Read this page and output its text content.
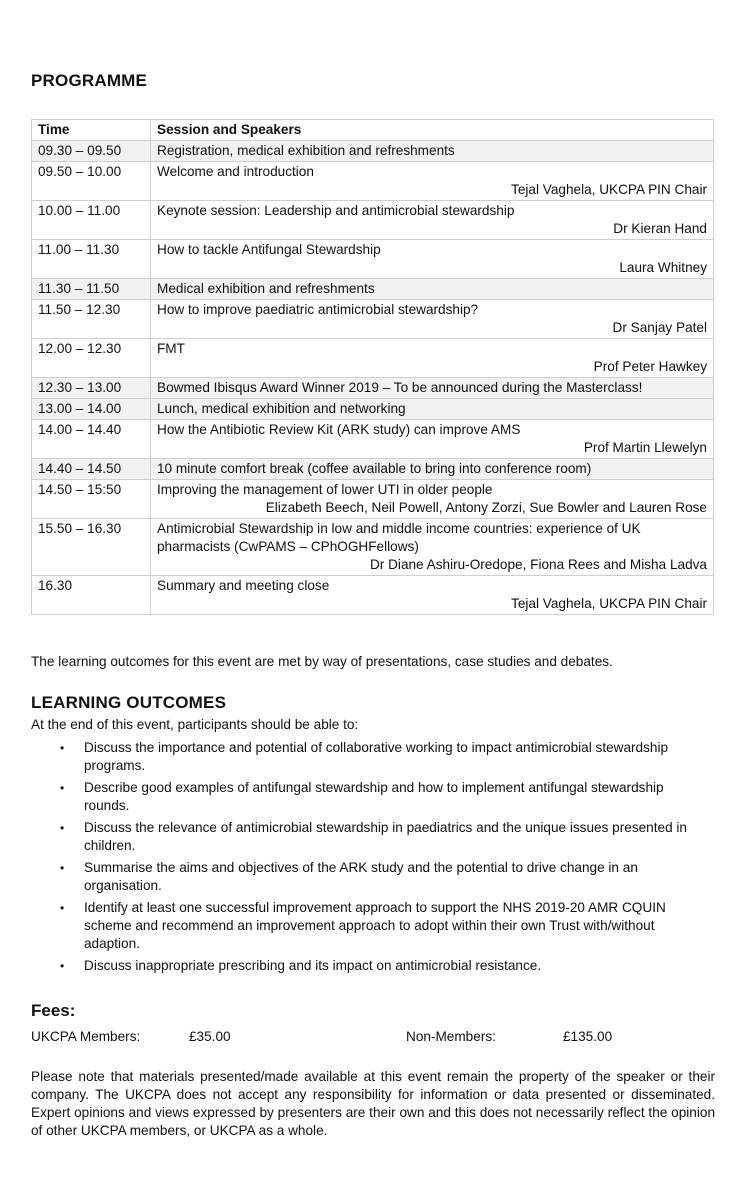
PROGRAMME
Time	Session and Speakers
09.30 – 09.50	Registration, medical exhibition and refreshments

09.50 – 10.00	Welcome and introduction
Tejal Vaghela, UKCPA PIN Chair

10.00 – 11.00	Keynote session: Leadership and antimicrobial stewardship
Dr Kieran Hand

11.00 – 11.30	How to tackle Antifungal Stewardship
Laura Whitney

11.30 – 11.50	Medical exhibition and refreshments

11.50 – 12.30	How to improve paediatric antimicrobial stewardship?
Dr Sanjay Patel

12.00 – 12.30	FMT
Prof Peter Hawkey

12.30 – 13.00	Bowmed Ibisqus Award Winner 2019 – To be announced during the Masterclass!

13.00 – 14.00	Lunch, medical exhibition and networking

14.00 – 14.40	How the Antibiotic Review Kit (ARK study) can improve AMS
Prof Martin Llewelyn

14.40 – 14.50	10 minute comfort break (coffee available to bring into conference room)

14.50 – 15:50	Improving the management of lower UTI in older people
Elizabeth Beech, Neil Powell, Antony Zorzi, Sue Bowler and Lauren Rose

15.50 – 16.30	Antimicrobial Stewardship in low and middle income countries: experience of UK pharmacists (CwPAMS – CPhOGHFellows)
Dr Diane Ashiru-Oredope, Fiona Rees and Misha Ladva

16.30	Summary and meeting close
Tejal Vaghela, UKCPA PIN Chair
The learning outcomes for this event are met by way of presentations, case studies and debates.
LEARNING OUTCOMES
At the end of this event, participants should be able to:
• Discuss the importance and potential of collaborative working to impact antimicrobial stewardship programs.
• Describe good examples of antifungal stewardship and how to implement antifungal stewardship rounds.
• Discuss the relevance of antimicrobial stewardship in paediatrics and the unique issues presented in children.
• Summarise the aims and objectives of the ARK study and the potential to drive change in an organisation.
• Identify at least one successful improvement approach to support the NHS 2019-20 AMR CQUIN scheme and recommend an improvement approach to adopt within their own Trust with/without adaption.
• Discuss inappropriate prescribing and its impact on antimicrobial resistance.
Fees:
UKCPA Members:	£35.00	Non-Members:	£135.00
Please note that materials presented/made available at this event remain the property of the speaker or their company. The UKCPA does not accept any responsibility for information or data presented or disseminated. Expert opinions and views expressed by presenters are their own and this does not necessarily reflect the opinion of other UKCPA members, or UKCPA as a whole.
